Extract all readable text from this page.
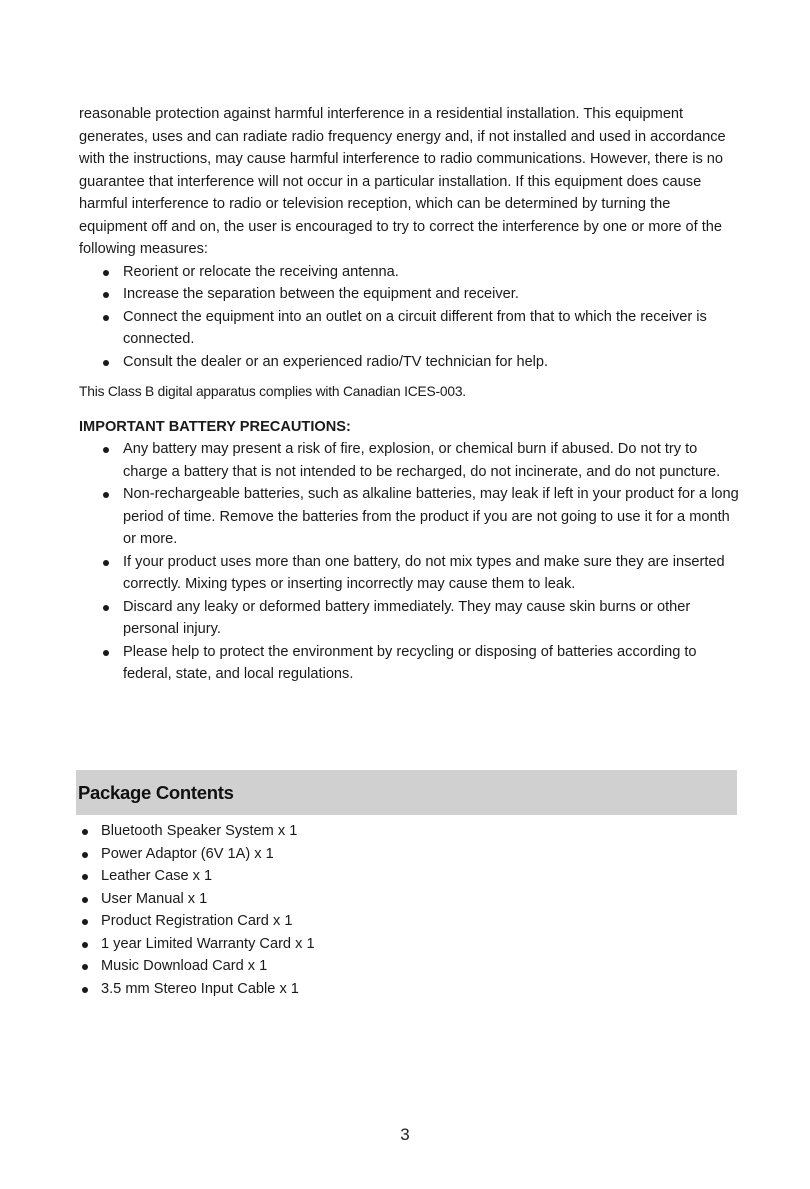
reasonable protection against harmful interference in a residential installation. This equipment generates, uses and can radiate radio frequency energy and, if not installed and used in accordance with the instructions, may cause harmful interference to radio communications. However, there is no guarantee that interference will not occur in a particular installation. If this equipment does cause harmful interference to radio or television reception, which can be determined by turning the equipment off and on, the user is encouraged to try to correct the interference by one or more of the following measures:

Reorient or relocate the receiving antenna.
Increase the separation between the equipment and receiver.
Connect the equipment into an outlet on a circuit different from that to which the receiver is connected.
Consult the dealer or an experienced radio/TV technician for help.

This Class B digital apparatus complies with Canadian ICES-003.

IMPORTANT BATTERY PRECAUTIONS:

Any battery may present a risk of fire, explosion, or chemical burn if abused. Do not try to charge a battery that is not intended to be recharged, do not incinerate, and do not puncture.
Non-rechargeable batteries, such as alkaline batteries, may leak if left in your product for a long period of time. Remove the batteries from the product if you are not going to use it for a month or more.
If your product uses more than one battery, do not mix types and make sure they are inserted correctly. Mixing types or inserting incorrectly may cause them to leak.
Discard any leaky or deformed battery immediately. They may cause skin burns or other personal injury.
Please help to protect the environment by recycling or disposing of batteries according to federal, state, and local regulations.
Package Contents
Bluetooth Speaker System x 1
Power Adaptor (6V 1A) x 1
Leather Case x 1
User Manual x 1
Product Registration Card x 1
1 year Limited Warranty Card x 1
Music Download Card x 1
3.5 mm Stereo Input Cable x 1
3
